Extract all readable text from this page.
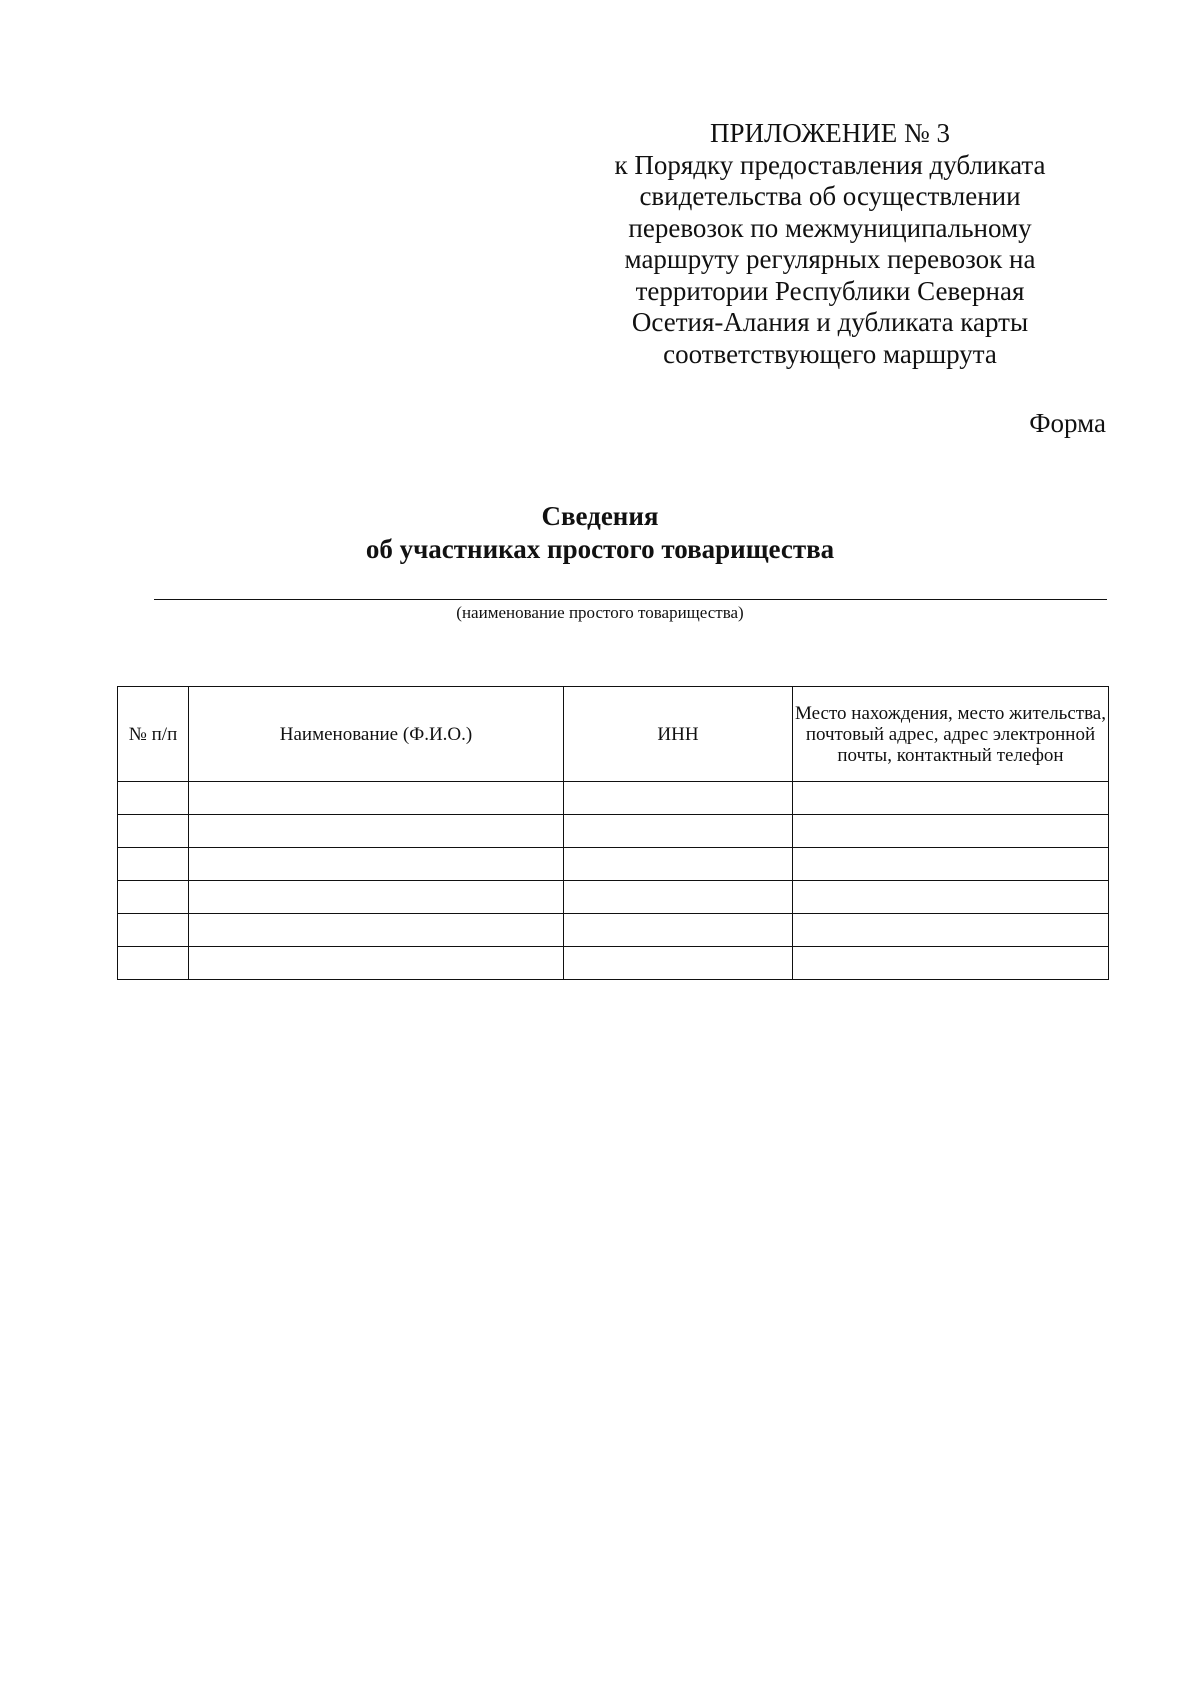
ПРИЛОЖЕНИЕ № 3
к Порядку предоставления дубликата
свидетельства об осуществлении
перевозок по межмуниципальному
маршруту регулярных перевозок на
территории Республики Северная
Осетия-Алания и дубликата карты
соответствующего маршрута
Форма
Сведения
об участниках простого товарищества
(наименование простого товарищества)
№ п/п	Наименование (Ф.И.О.)	ИНН	Место нахождения, место жительства, почтовый адрес, адрес электронной почты, контактный телефон
